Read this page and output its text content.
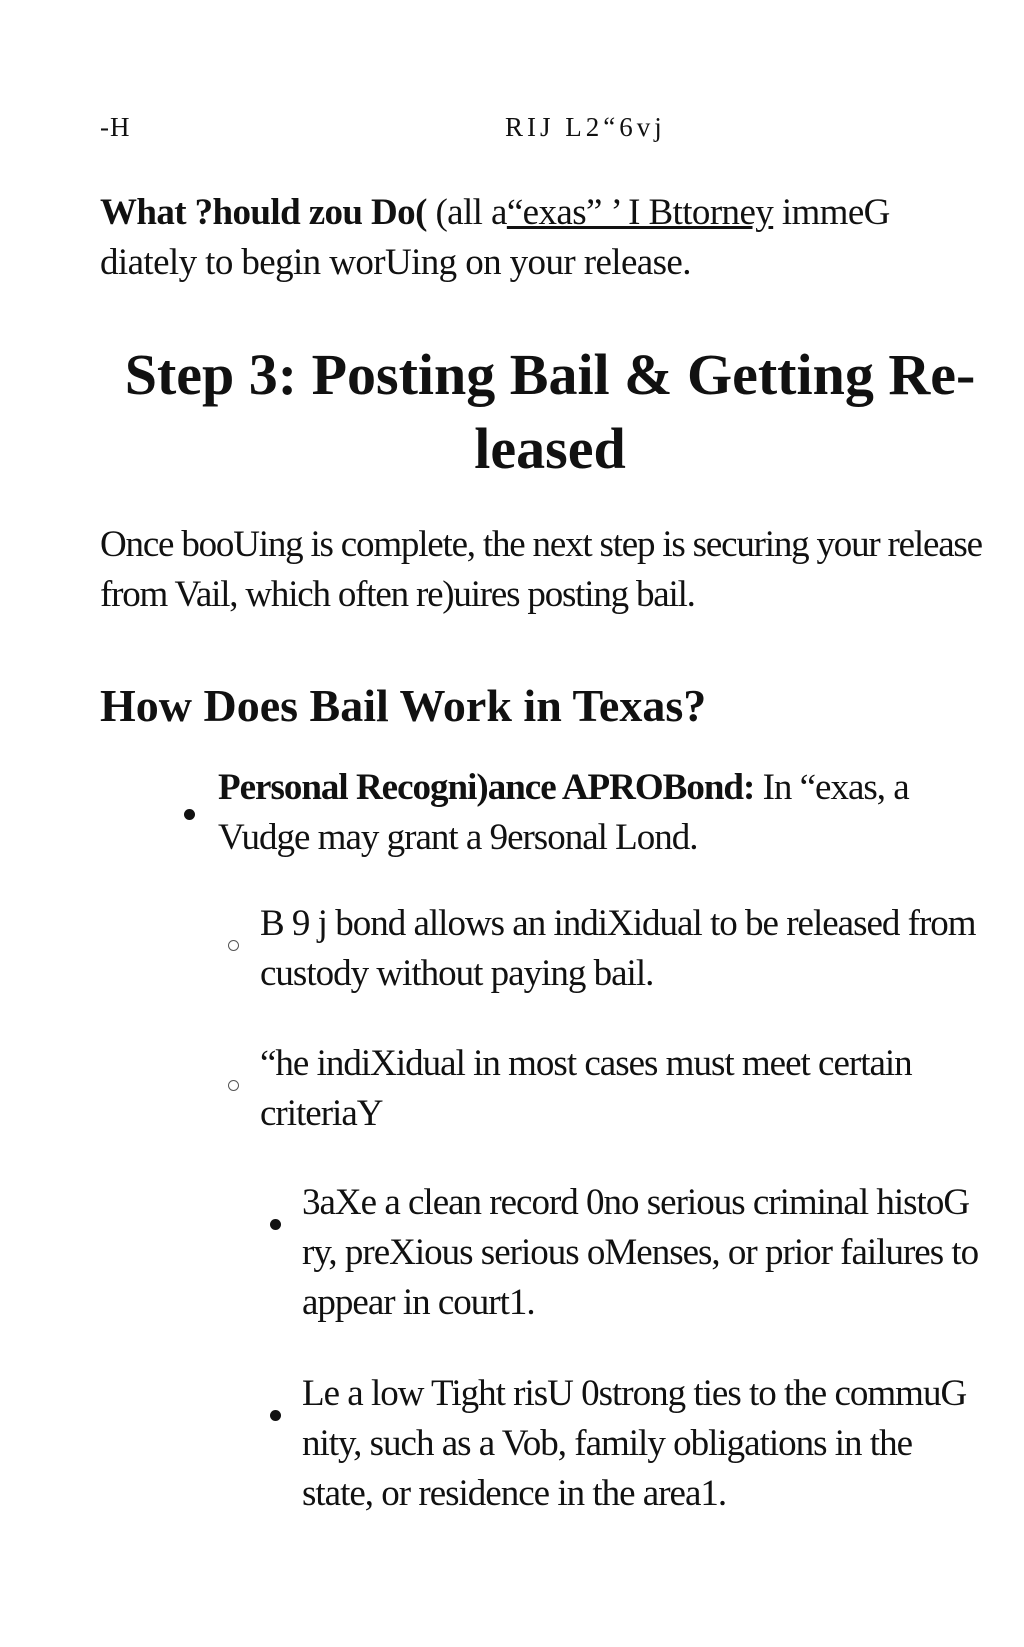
-H	RIJ L2“6vj
What ?hould zou Do( (all a“exas” ’ I Bttorney immeG diately to begin worUing on your release.
Step 3: Posting Bail & Getting Re- leased
Once booUing is complete, the next step is securing your release from Vail, which often re)uires posting bail.
How Does Bail Work in Texas?
Personal Recogni)ance APROBond: In “exas, a Vudge may grant a 9ersonal Lond.
B 9 j bond allows an indiXidual to be released from custody without paying bail.
“he indiXidual in most cases must meet certain criteriaY
3aXe a clean record 0no serious criminal histoG ry, preXious serious oMenses, or prior failures to appear in court1.
Le a low Tight risU 0strong ties to the commuG nity, such as a Vob, family obligations in the state, or residence in the area1.
